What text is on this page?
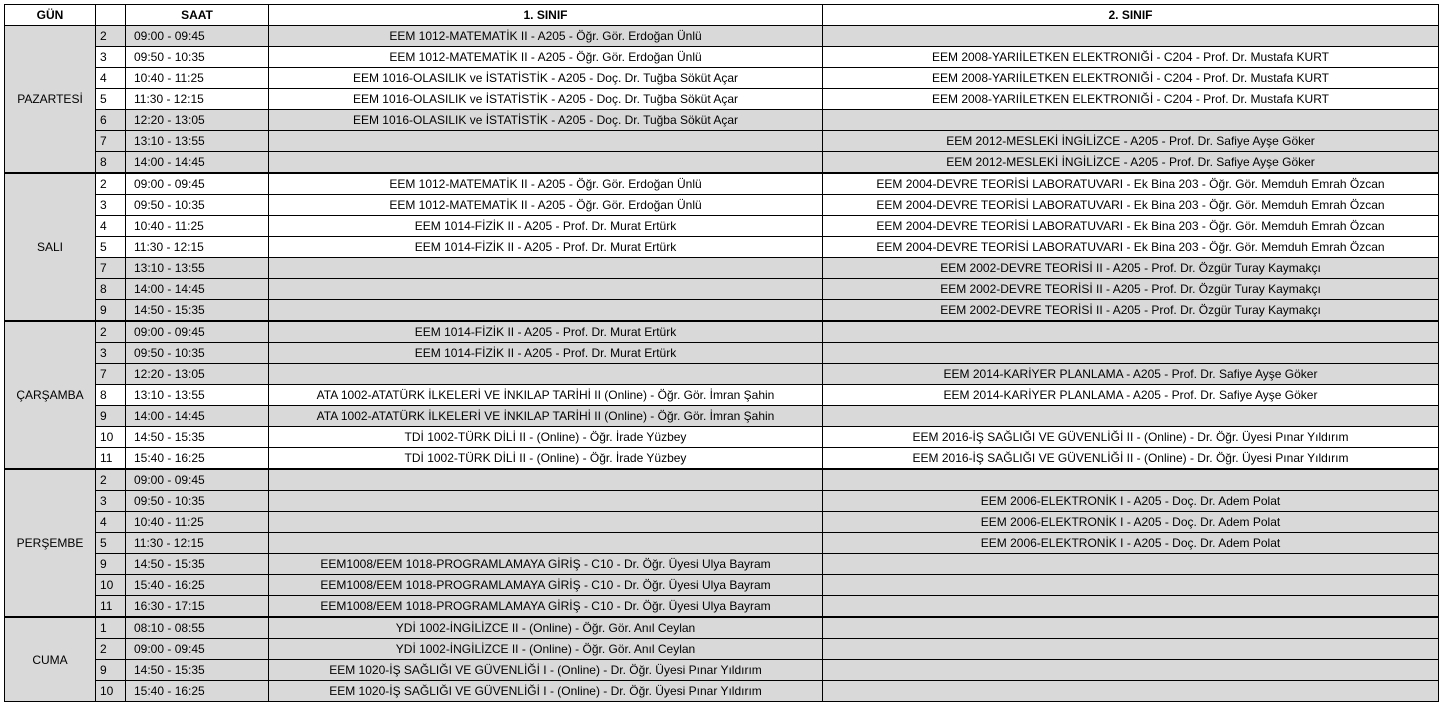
GÜN		SAAT	1. SINIF	2. SINIF
PAZARTESİ	2	09:00 - 09:45	EEM 1012-MATEMATİK II - A205 - Öğr. Gör. Erdoğan Ünlü	
	3	09:50 - 10:35	EEM 1012-MATEMATİK II - A205 - Öğr. Gör. Erdoğan Ünlü	EEM 2008-YARIİLETKEN ELEKTRONIĞİ - C204 - Prof. Dr. Mustafa KURT
	4	10:40 - 11:25	EEM 1016-OLASILIK ve İSTATİSTİK - A205 - Doç. Dr. Tuğba Söküt Açar	EEM 2008-YARIİLETKEN ELEKTRONIĞİ - C204 - Prof. Dr. Mustafa KURT
	5	11:30 - 12:15	EEM 1016-OLASILIK ve İSTATİSTİK - A205 - Doç. Dr. Tuğba Söküt Açar	EEM 2008-YARIİLETKEN ELEKTRONIĞİ - C204 - Prof. Dr. Mustafa KURT
	6	12:20 - 13:05	EEM 1016-OLASILIK ve İSTATİSTİK - A205 - Doç. Dr. Tuğba Söküt Açar	
	7	13:10 - 13:55		EEM 2012-MESLEKİ İNGİLİZCE - A205 - Prof. Dr. Safiye Ayşe Göker
	8	14:00 - 14:45		EEM 2012-MESLEKİ İNGİLİZCE - A205 - Prof. Dr. Safiye Ayşe Göker
SALI	2	09:00 - 09:45	EEM 1012-MATEMATİK II - A205 - Öğr. Gör. Erdoğan Ünlü	EEM 2004-DEVRE TEORİSİ LABORATUVARI - Ek Bina 203 - Öğr. Gör. Memduh Emrah Özcan
	3	09:50 - 10:35	EEM 1012-MATEMATİK II - A205 - Öğr. Gör. Erdoğan Ünlü	EEM 2004-DEVRE TEORİSİ LABORATUVARI - Ek Bina 203 - Öğr. Gör. Memduh Emrah Özcan
	4	10:40 - 11:25	EEM 1014-FİZİK II - A205 - Prof. Dr. Murat Ertürk	EEM 2004-DEVRE TEORİSİ LABORATUVARI - Ek Bina 203 - Öğr. Gör. Memduh Emrah Özcan
	5	11:30 - 12:15	EEM 1014-FİZİK II - A205 - Prof. Dr. Murat Ertürk	EEM 2004-DEVRE TEORİSİ LABORATUVARI - Ek Bina 203 - Öğr. Gör. Memduh Emrah Özcan
	7	13:10 - 13:55		EEM 2002-DEVRE TEORİSİ II - A205 - Prof. Dr. Özgür Turay Kaymakçı
	8	14:00 - 14:45		EEM 2002-DEVRE TEORİSİ II - A205 - Prof. Dr. Özgür Turay Kaymakçı
	9	14:50 - 15:35		EEM 2002-DEVRE TEORİSİ II - A205 - Prof. Dr. Özgür Turay Kaymakçı
ÇARŞAMBA	2	09:00 - 09:45	EEM 1014-FİZİK II - A205 - Prof. Dr. Murat Ertürk	
	3	09:50 - 10:35	EEM 1014-FİZİK II - A205 - Prof. Dr. Murat Ertürk	
	7	12:20 - 13:05		EEM 2014-KARİYER PLANLAMA - A205 - Prof. Dr. Safiye Ayşe Göker
	8	13:10 - 13:55	ATA 1002-ATATÜRK İLKELERİ VE İNKILAP TARİHİ II (Online) - Öğr. Gör. İmran Şahin	EEM 2014-KARİYER PLANLAMA - A205 - Prof. Dr. Safiye Ayşe Göker
	9	14:00 - 14:45	ATA 1002-ATATÜRK İLKELERİ VE İNKILAP TARİHİ II (Online) - Öğr. Gör. İmran Şahin	
	10	14:50 - 15:35	TDİ 1002-TÜRK DİLİ II - (Online) - Öğr. İrade Yüzbey	EEM 2016-İŞ SAĞLIĞI VE GÜVENLİĞİ II - (Online) - Dr. Öğr. Üyesi Pınar Yıldırım
	11	15:40 - 16:25	TDİ 1002-TÜRK DİLİ II - (Online) - Öğr. İrade Yüzbey	EEM 2016-İŞ SAĞLIĞI VE GÜVENLİĞİ II - (Online) - Dr. Öğr. Üyesi Pınar Yıldırım
PERŞEMBE	2	09:00 - 09:45		
	3	09:50 - 10:35		EEM 2006-ELEKTRONİK I - A205 - Doç. Dr. Adem Polat
	4	10:40 - 11:25		EEM 2006-ELEKTRONİK I - A205 - Doç. Dr. Adem Polat
	5	11:30 - 12:15		EEM 2006-ELEKTRONİK I - A205 - Doç. Dr. Adem Polat
	9	14:50 - 15:35	EEM1008/EEM 1018-PROGRAMLAMAYA GİRİŞ - C10 - Dr. Öğr. Üyesi Ulya Bayram	
	10	15:40 - 16:25	EEM1008/EEM 1018-PROGRAMLAMAYA GİRİŞ - C10 - Dr. Öğr. Üyesi Ulya Bayram	
	11	16:30 - 17:15	EEM1008/EEM 1018-PROGRAMLAMAYA GİRİŞ - C10 - Dr. Öğr. Üyesi Ulya Bayram	
CUMA	1	08:10 - 08:55	YDİ 1002-İNGİLİZCE II - (Online) - Öğr. Gör. Anıl Ceylan	
	2	09:00 - 09:45	YDİ 1002-İNGİLİZCE II - (Online) - Öğr. Gör. Anıl Ceylan	
	9	14:50 - 15:35	EEM 1020-İŞ SAĞLIĞI VE GÜVENLİĞİ I - (Online) - Dr. Öğr. Üyesi Pınar Yıldırım	
	10	15:40 - 16:25	EEM 1020-İŞ SAĞLIĞI VE GÜVENLİĞİ I - (Online) - Dr. Öğr. Üyesi Pınar Yıldırım	
